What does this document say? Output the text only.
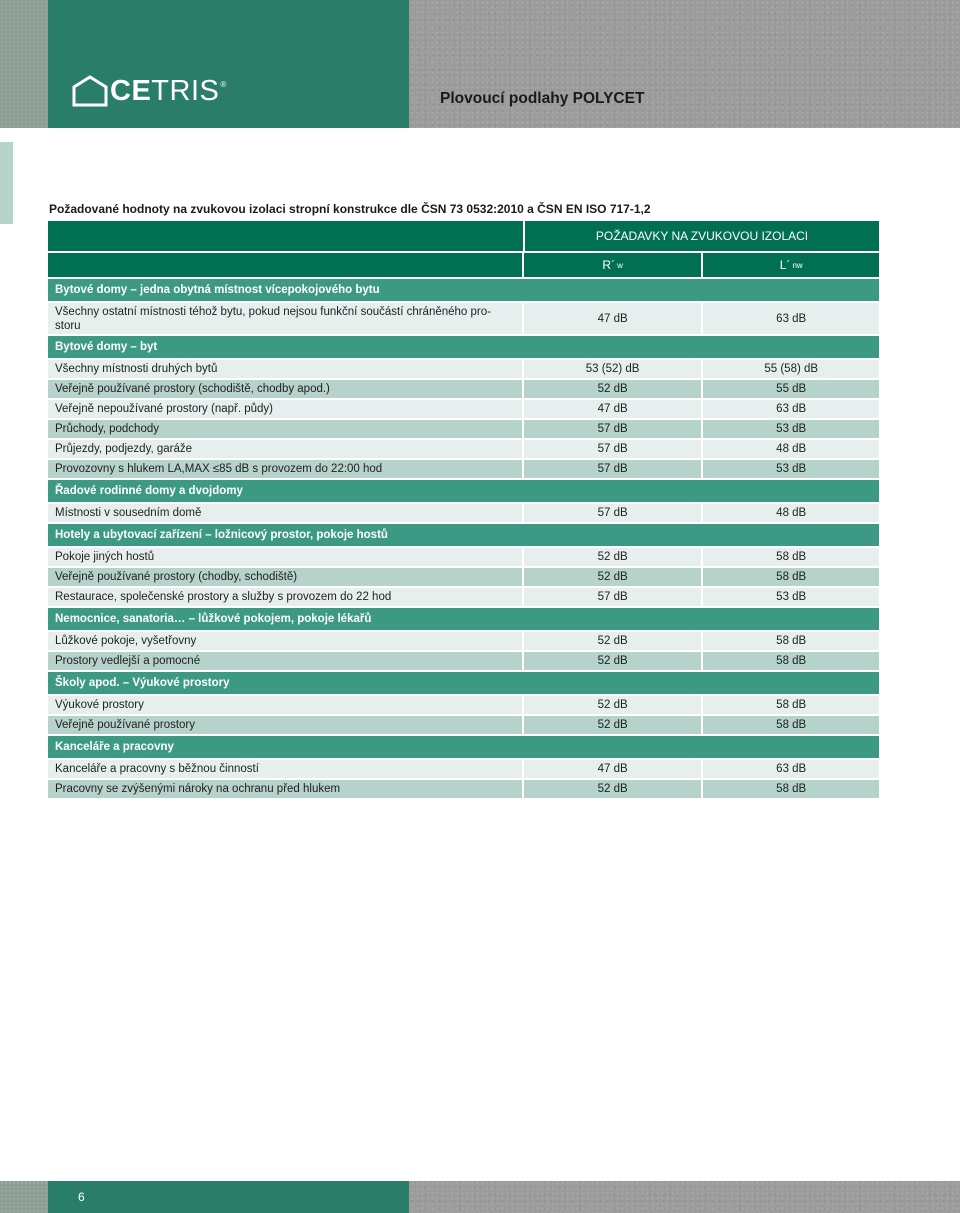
CETRIS ®
Plovoucí podlahy POLYCET
Požadované hodnoty na zvukovou izolaci stropní konstrukce dle ČSN 73 0532:2010 a ČSN EN ISO 717-1,2
POŽADAVKY NA ZVUKOVOU IZOLACI
R´ w	L´ nw
Bytové domy – jedna obytná místnost vícepokojového bytu
Všechny ostatní místnosti téhož bytu, pokud nejsou funkční součástí chráněného pro-
storu
47 dB	63 dB
Bytové domy – byt
Všechny místnosti druhých bytů	53 (52) dB	55 (58) dB
Veřejně používané prostory (schodiště, chodby apod.)	52 dB	55 dB
Veřejně nepoužívané prostory (např. půdy)	47 dB	63 dB
Průchody, podchody	57 dB	53 dB
Průjezdy, podjezdy, garáže	57 dB	48 dB
Provozovny s hlukem LA,MAX ≤85 dB s provozem do 22:00 hod	57 dB	53 dB
Řadové rodinné domy a dvojdomy
Místnosti v sousedním domě	57 dB	48 dB
Hotely a ubytovací zařízení – ložnicový prostor, pokoje hostů
Pokoje jiných hostů	52 dB	58 dB
Veřejně používané prostory (chodby, schodiště)	52 dB	58 dB
Restaurace, společenské prostory a služby s provozem do 22 hod	57 dB	53 dB
Nemocnice, sanatoria… – lůžkové pokojem, pokoje lékařů
Lůžkové pokoje, vyšetřovny	52 dB	58 dB
Prostory vedlejší a pomocné	52 dB	58 dB
Školy apod. – Výukové prostory
Výukové prostory	52 dB	58 dB
Veřejně používané prostory	52 dB	58 dB
Kanceláře a pracovny
Kanceláře a pracovny s běžnou činností	47 dB	63 dB
Pracovny se zvýšenými nároky na ochranu před hlukem	52 dB	58 dB
6
